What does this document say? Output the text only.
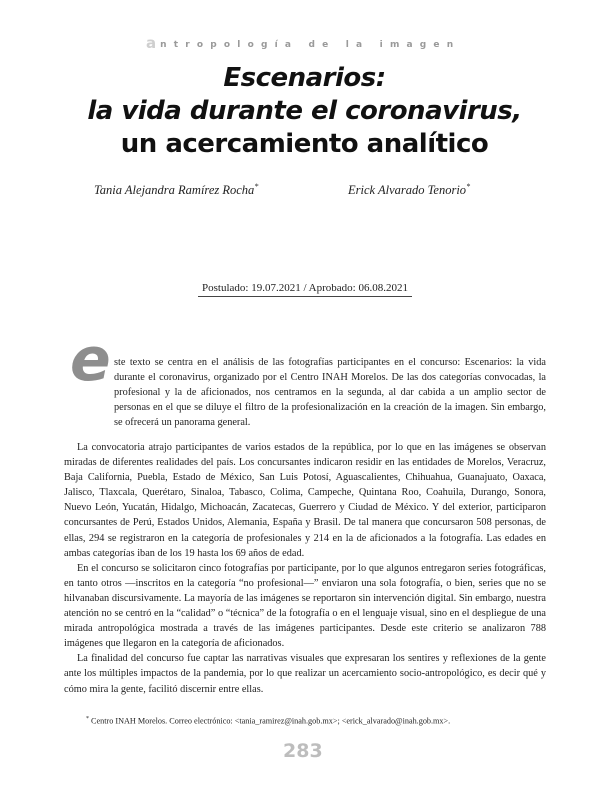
antropología de la imagen
Escenarios:
la vida durante el coronavirus,
un acercamiento analítico
Tania Alejandra Ramírez Rocha*	Erick Alvarado Tenorio*
Postulado: 19.07.2021 / Aprobado: 06.08.2021
e ste texto se centra en el análisis de las fotografías participantes en el concurso: Escenarios: la vida durante el coronavirus, organizado por el Centro INAH Morelos. De las dos categorías convocadas, la profesional y la de aficionados, nos centramos en la segunda, al dar cabida a un amplio sector de personas en el que se diluye el filtro de la profesionalización en la creación de la imagen. Sin embargo, se ofrecerá un panorama general.

La convocatoria atrajo participantes de varios estados de la república, por lo que en las imágenes se observan miradas de diferentes realidades del país. Los concursantes indicaron residir en las entidades de Morelos, Veracruz, Baja California, Puebla, Estado de México, San Luis Potosí, Aguascalientes, Chihuahua, Guanajuato, Oaxaca, Jalisco, Tlaxcala, Querétaro, Sinaloa, Tabasco, Colima, Campeche, Quintana Roo, Coahuila, Durango, Sonora, Nuevo León, Yucatán, Hidalgo, Michoacán, Zacatecas, Guerrero y Ciudad de México. Y del exterior, participaron concursantes de Perú, Estados Unidos, Alemania, España y Brasil. De tal manera que concursaron 508 personas, de ellas, 294 se registraron en la categoría de profesionales y 214 en la de aficionados a la fotografía. Las edades en ambas categorías iban de los 19 hasta los 69 años de edad.

En el concurso se solicitaron cinco fotografías por participante, por lo que algunos entregaron series fotográficas, en tanto otros —inscritos en la categoría “no profesional—” enviaron una sola fotografía, o bien, series que no se hilvanaban discursivamente. La mayoría de las imágenes se reportaron sin intervención digital. Sin embargo, nuestra atención no se centró en la “calidad” o “técnica” de la fotografía o en el lenguaje visual, sino en el despliegue de una mirada antropológica mostrada a través de las imágenes participantes. Desde este criterio se analizaron 788 imágenes que llegaron en la categoría de aficionados.

La finalidad del concurso fue captar las narrativas visuales que expresaran los sentires y reflexiones de la gente ante los múltiples impactos de la pandemia, por lo que realizar un acercamiento socio-antropológico, es decir qué y cómo mira la gente, facilitó discernir entre ellas.

* Centro INAH Morelos. Correo electrónico: <tania_ramirez@inah.gob.mx>; <erick_alvarado@inah.gob.mx>.
283
